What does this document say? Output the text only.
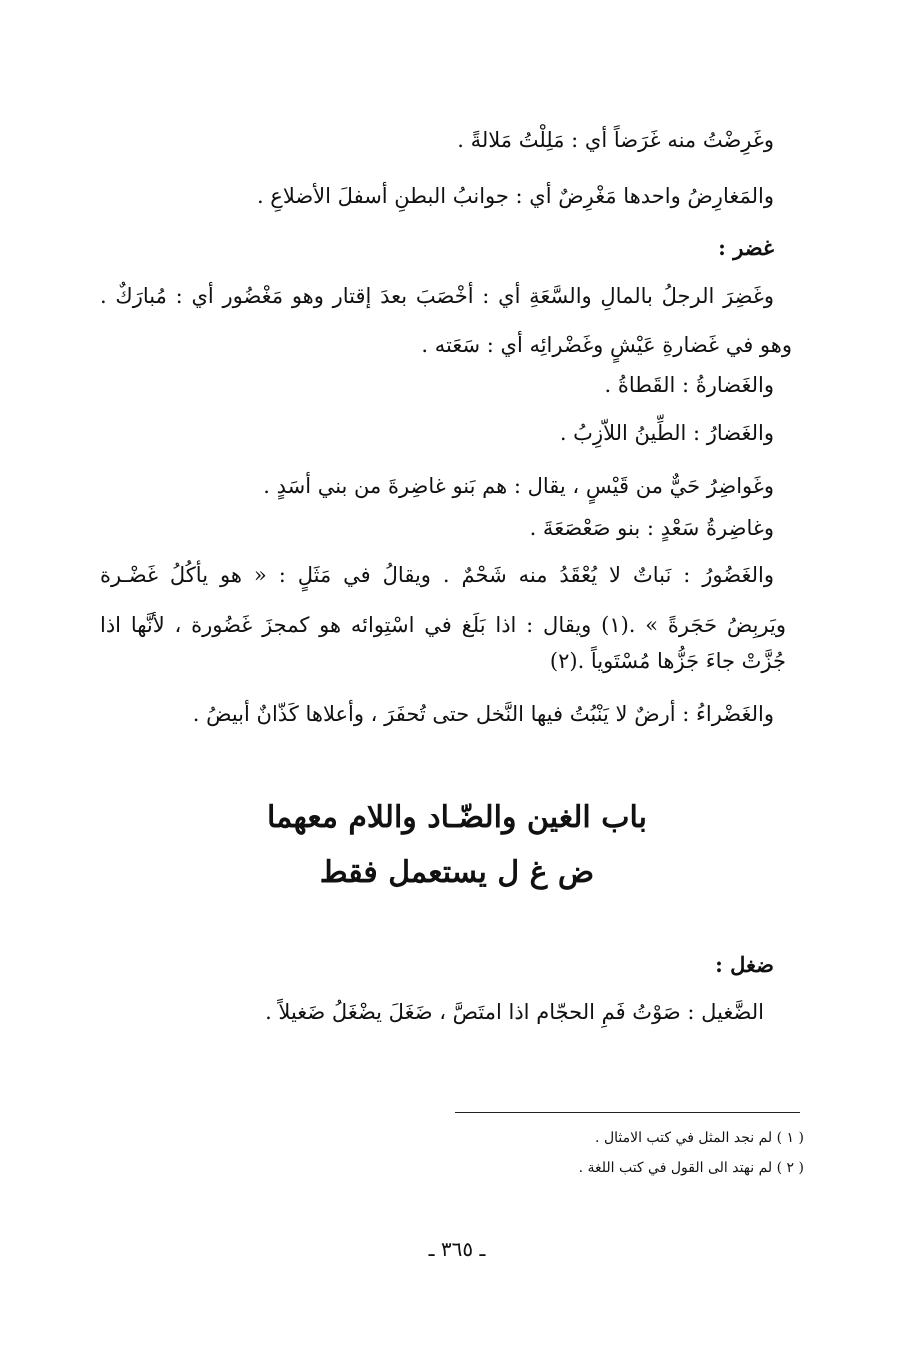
وغَرِضْتُ منه غَرَضاً أي : مَلِلْتُ مَلالةً .
والمَغارِضُ واحدها مَغْرِضٌ أي : جوانبُ البطنِ أسفلَ الأضلاعِ .
غضر :
وغَضِرَ الرجلُ بالمالِ والسَّعَةِ أي : أخْصَبَ بعدَ إقتار وهو مَغْضُور أي : مُبارَكٌ .
وهو في غَضارةِ عَيْشٍ وغَضْرائِه أي : سَعَته .
والغَضارةُ : القَطاةُ .
والغَضارُ : الطِّينُ اللاّزِبُ .
وغَواضِرُ حَيٌّ من قَيْسٍ ، يقال : هم بَنو غاضِرةَ من بني أسَدٍ .
وغاضِرةُ سَعْدٍ : بنو صَعْصَعَةَ .
والغَضُورُ : نَباتٌ لا يُعْقَدُ منه شَحْمٌ . ويقالُ في مَثَلٍ : « هو يأكُلُ غَضْـرة
ويَربِضُ حَجَرةً » .(١) ويقال : اذا بَلَغ في اسْتِوائه هو كمجزَ غَضُورة ، لأنَّها اذا
جُزَّتْ جاءَ جَزُّها مُسْتَوياً .(٢)
والغَضْراءُ : أرضٌ لا يَنْبُتُ فيها النَّخل حتى تُحفَرَ ، وأعلاها كَذّانٌ أبيضُ .
باب الغين والضّـاد واللام معهما
ض غ ل يستعمل فقط
ضغل :
الضَّغيل : صَوْتُ فَمِ الحجّام اذا امتَصَّ ، ضَغَلَ يضْغَلُ ضَغيلاً .
( ١ ) لم نجد المثل في كتب الامثال .
( ٢ ) لم نهتد الى القول في كتب اللغة .
ـ ٣٦٥ ـ
